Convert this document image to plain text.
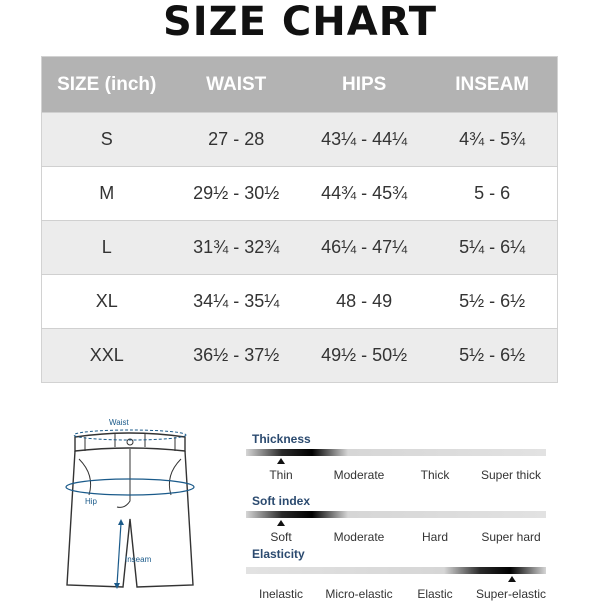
SIZE CHART
SIZE (inch)	WAIST	HIPS	INSEAM
S	27 - 28	43¼ - 44¼	4¾ - 5¾
M	29½ - 30½	44¾ - 45¾	5 - 6
L	31¾ - 32¾	46¼ - 47¼	5¼ - 6¼
XL	34¼ - 35¼	48 - 49	5½ - 6½
XXL	36½ - 37½	49½ - 50½	5½ - 6½
Waist
Hip
Inseam
Thickness
Thin	Moderate	Thick	Super thick
Soft index
Soft	Moderate	Hard	Super hard
Elasticity
Inelastic	Micro-elastic	Elastic	Super-elastic
